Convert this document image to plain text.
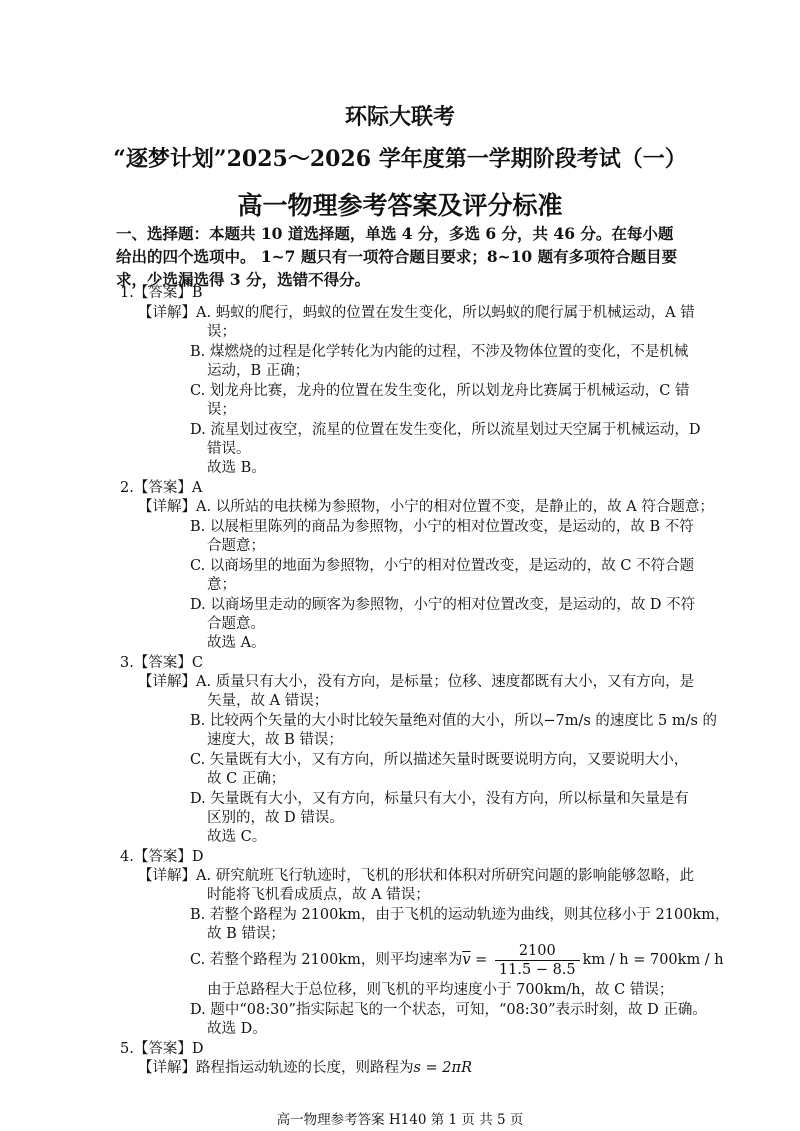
环际大联考
“逐梦计划”2025～2026 学年度第一学期阶段考试（一）
高一物理参考答案及评分标准
一、选择题：本题共 10 道选择题，单选 4 分，多选 6 分，共 46 分。在每小题给出的四个选项中。 1~7 题只有一项符合题目要求；8~10 题有多项符合题目要求，少选漏选得 3 分，选错不得分。
1.【答案】B
【详解】A. 蚂蚁的爬行，蚂蚁的位置在发生变化，所以蚂蚁的爬行属于机械运动，A 错
误；
B. 煤燃烧的过程是化学转化为内能的过程，不涉及物体位置的变化，不是机械
运动，B 正确；
C. 划龙舟比赛，龙舟的位置在发生变化，所以划龙舟比赛属于机械运动，C 错
误；
D. 流星划过夜空，流星的位置在发生变化，所以流星划过天空属于机械运动，D
错误。
故选 B。
2.【答案】A
【详解】A. 以所站的电扶梯为参照物，小宁的相对位置不变，是静止的，故 A 符合题意；
B. 以展柜里陈列的商品为参照物，小宁的相对位置改变，是运动的，故 B 不符
合题意；
C. 以商场里的地面为参照物，小宁的相对位置改变，是运动的，故 C 不符合题
意；
D. 以商场里走动的顾客为参照物，小宁的相对位置改变，是运动的，故 D 不符
合题意。
故选 A。
3.【答案】C
【详解】A. 质量只有大小，没有方向，是标量；位移、速度都既有大小，又有方向，是
矢量，故 A 错误；
B. 比较两个矢量的大小时比较矢量绝对值的大小，所以−7m/s 的速度比 5 m/s 的
速度大，故 B 错误；
C. 矢量既有大小，又有方向，所以描述矢量时既要说明方向，又要说明大小，
故 C 正确；
D. 矢量既有大小，又有方向，标量只有大小，没有方向，所以标量和矢量是有
区别的，故 D 错误。
故选 C。
4.【答案】D
【详解】A. 研究航班飞行轨迹时，飞机的形状和体积对所研究问题的影响能够忽略，此
时能将飞机看成质点，故 A 错误；
B. 若整个路程为 2100km，由于飞机的运动轨迹为曲线，则其位移小于 2100km，
故 B 错误；
C. 若整个路程为 2100km，则平均速率为$\overline{v} = \frac{2100}{11.5 - 8.5}$ km / h = 700km / h
由于总路程大于总位移，则飞机的平均速度小于 700km/h，故 C 错误；
D. 题中“08:30”指实际起飞的一个状态，可知，“08:30”表示时刻，故 D 正确。
高一物理参考答案 H140 第 1 页 共 5 页
故选 D。
5.【答案】D
【详解】路程指运动轨迹的长度，则路程为s = 2πR
